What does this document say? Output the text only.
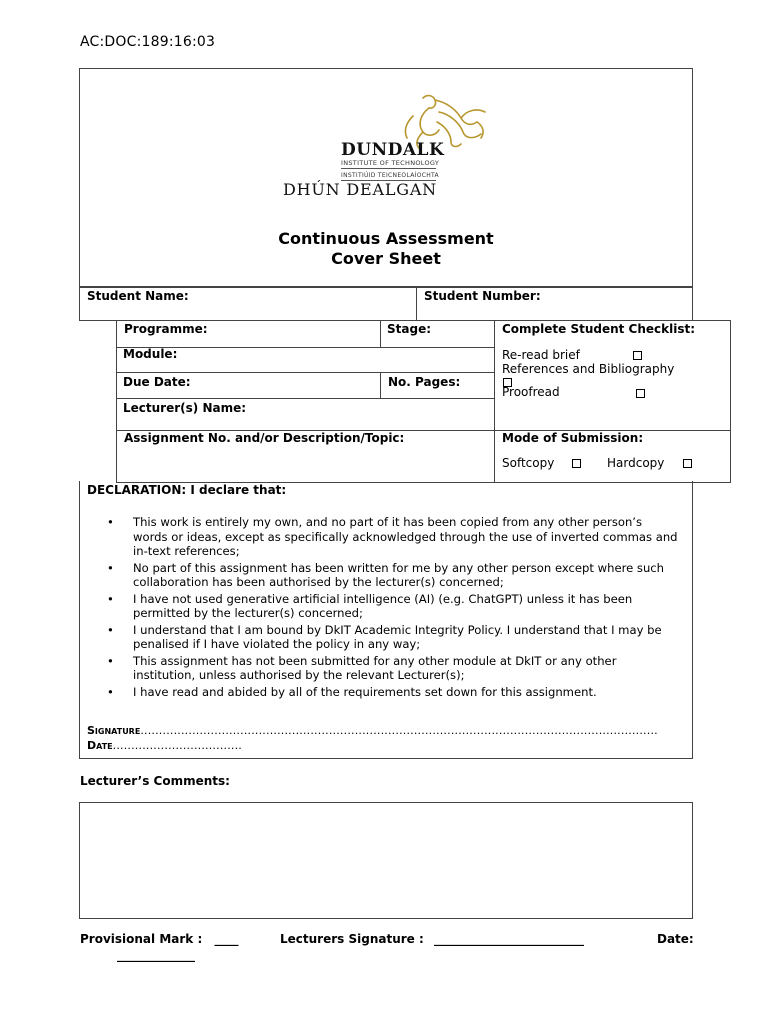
AC:DOC:189:16:03
DUNDALK
INSTITUTE OF TECHNOLOGY
INSTITIÚID TEICNEOLAÍOCHTA
DHÚN DEALGAN
Continuous Assessment
Cover Sheet
Student Name:	Student Number:
Programme:	Stage:
Module:
Due Date:	No. Pages:
Lecturer(s) Name:
Assignment No. and/or Description/Topic:
Complete Student Checklist:
Re-read brief
References and Bibliography
Proofread
Mode of Submission:
Softcopy	Hardcopy
DECLARATION: I declare that:
• This work is entirely my own, and no part of it has been copied from any other person’s words or ideas, except as specifically acknowledged through the use of inverted commas and in-text references;
• No part of this assignment has been written for me by any other person except where such collaboration has been authorised by the lecturer(s) concerned;
• I have not used generative artificial intelligence (AI) (e.g. ChatGPT) unless it has been permitted by the lecturer(s) concerned;
• I understand that I am bound by DkIT Academic Integrity Policy. I understand that I may be penalised if I have violated the policy in any way;
• This assignment has not been submitted for any other module at DkIT or any other institution, unless authorised by the relevant Lecturer(s);
• I have read and abided by all of the requirements set down for this assignment.
Signature............................................................................................................................................
Date...................................
Lecturer’s Comments:
Provisional Mark : ____	Lecturers Signature : _________________________	Date:
_____________
